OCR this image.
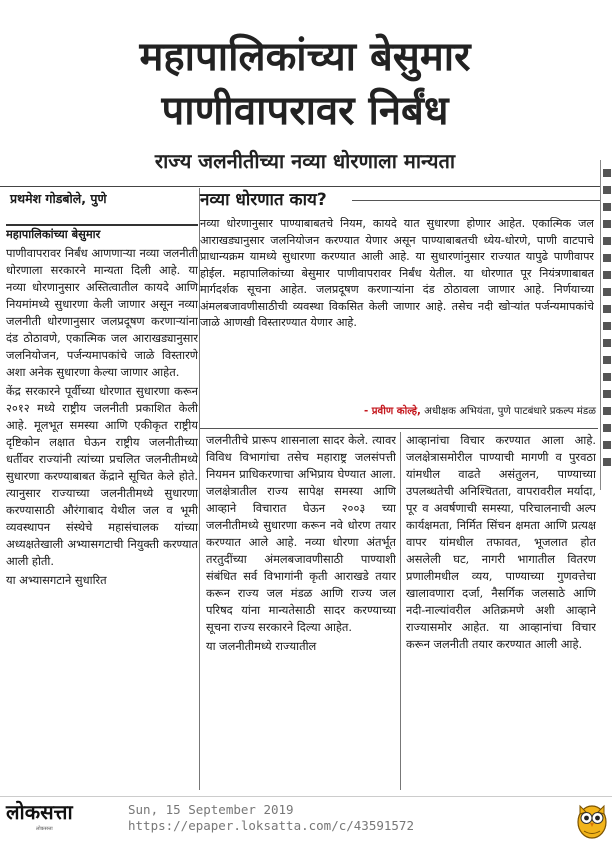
महापालिकांच्या बेसुमार
पाणीवापरावर निर्बंध
राज्य जलनीतीच्या नव्या धोरणाला मान्यता
प्रथमेश गोडबोले, पुणे

महापालिकांच्या बेसुमार

पाणीवापरावर निर्बंध आणणाऱ्या नव्या जलनीती धोरणाला सरकारने मान्यता दिली आहे. या नव्या धोरणानुसार अस्तित्वातील कायदे आणि नियमांमध्ये सुधारणा केली जाणार असून नव्या जलनीती धोरणानुसार जलप्रदूषण करणाऱ्यांना दंड ठोठावणे, एकात्मिक जल आराखड्यानुसार जलनियोजन, पर्जन्यमापकांचे जाळे विस्तारणे अशा अनेक सुधारणा केल्या जाणार आहेत.

केंद्र सरकारने पूर्वीच्या धोरणात सुधारणा करून २०१२ मध्ये राष्ट्रीय जलनीती प्रकाशित केली आहे. मूलभूत समस्या आणि एकीकृत राष्ट्रीय दृष्टिकोन लक्षात घेऊन राष्ट्रीय जलनीतीच्या धर्तीवर राज्यांनी त्यांच्या प्रचलित जलनीतीमध्ये सुधारणा करण्याबाबत केंद्राने सूचित केले होते. त्यानुसार राज्याच्या जलनीतीमध्ये सुधारणा करण्यासाठी औरंगाबाद येथील जल व भूमी व्यवस्थापन संस्थेचे महासंचालक यांच्या अध्यक्षतेखाली अभ्यासगटाची नियुक्ती करण्यात आली होती.

या अभ्यासगटाने सुधारित

नव्या धोरणात काय?

नव्या धोरणानुसार पाण्याबाबतचे नियम, कायदे यात सुधारणा होणार आहेत. एकात्मिक जल आराखड्यानुसार जलनियोजन करण्यात येणार असून पाण्याबाबतची ध्येय-धोरणे, पाणी वाटपाचे प्राधान्यक्रम यामध्ये सुधारणा करण्यात आली आहे. या सुधारणांनुसार राज्यात यापुढे पाणीवापर होईल. महापालिकांच्या बेसुमार पाणीवापरावर निर्बंध येतील. या धोरणात पूर नियंत्रणाबाबत मार्गदर्शक सूचना आहेत. जलप्रदूषण करणाऱ्यांना दंड ठोठावला जाणार आहे. निर्णयाच्या अंमलबजावणीसाठीची व्यवस्था विकसित केली जाणार आहे. तसेच नदी खोऱ्यांत पर्जन्यमापकांचे जाळे आणखी विस्तारण्यात येणार आहे.

- प्रवीण कोल्हे, अधीक्षक अभियंता, पुणे पाटबंधारे प्रकल्प मंडळ

जलनीतीचे प्रारूप शासनाला सादर केले. त्यावर विविध विभागांचा तसेच महाराष्ट्र जलसंपत्ती नियमन प्राधिकरणाचा अभिप्राय घेण्यात आला. जलक्षेत्रातील राज्य सापेक्ष समस्या आणि आव्हाने विचारात घेऊन २००३ च्या जलनीतीमध्ये सुधारणा करून नवे धोरण तयार करण्यात आले आहे. नव्या धोरणा अंतर्भूत तरतुदींच्या अंमलबजावणीसाठी पाण्याशी संबंधित सर्व विभागांनी कृती आराखडे तयार करून राज्य जल मंडळ आणि राज्य जल परिषद यांना मान्यतेसाठी सादर करण्याच्या सूचना राज्य सरकारने दिल्या आहेत.

या जलनीतीमध्ये राज्यातील

आव्हानांचा विचार करण्यात आला आहे. जलक्षेत्रासमोरील पाण्याची मागणी व पुरवठा यांमधील वाढते असंतुलन, पाण्याच्या उपलब्धतेची अनिश्चितता, वापरावरील मर्यादा, पूर व अवर्षणाची समस्या, परिचालनाची अल्प कार्यक्षमता, निर्मित सिंचन क्षमता आणि प्रत्यक्ष वापर यांमधील तफावत, भूजलात होत असलेली घट, नागरी भागातील वितरण प्रणालीमधील व्यय, पाण्याच्या गुणवत्तेचा खालावणारा दर्जा, नैसर्गिक जलसाठे आणि नदी-नाल्यांवरील अतिक्रमणे अशी आव्हाने राज्यासमोर आहेत. या आव्हानांचा विचार करून जलनीती तयार करण्यात आली आहे.

लोकसत्ता
लोकसत्ता
Sun, 15 September 2019
https://epaper.loksatta.com/c/43591572
